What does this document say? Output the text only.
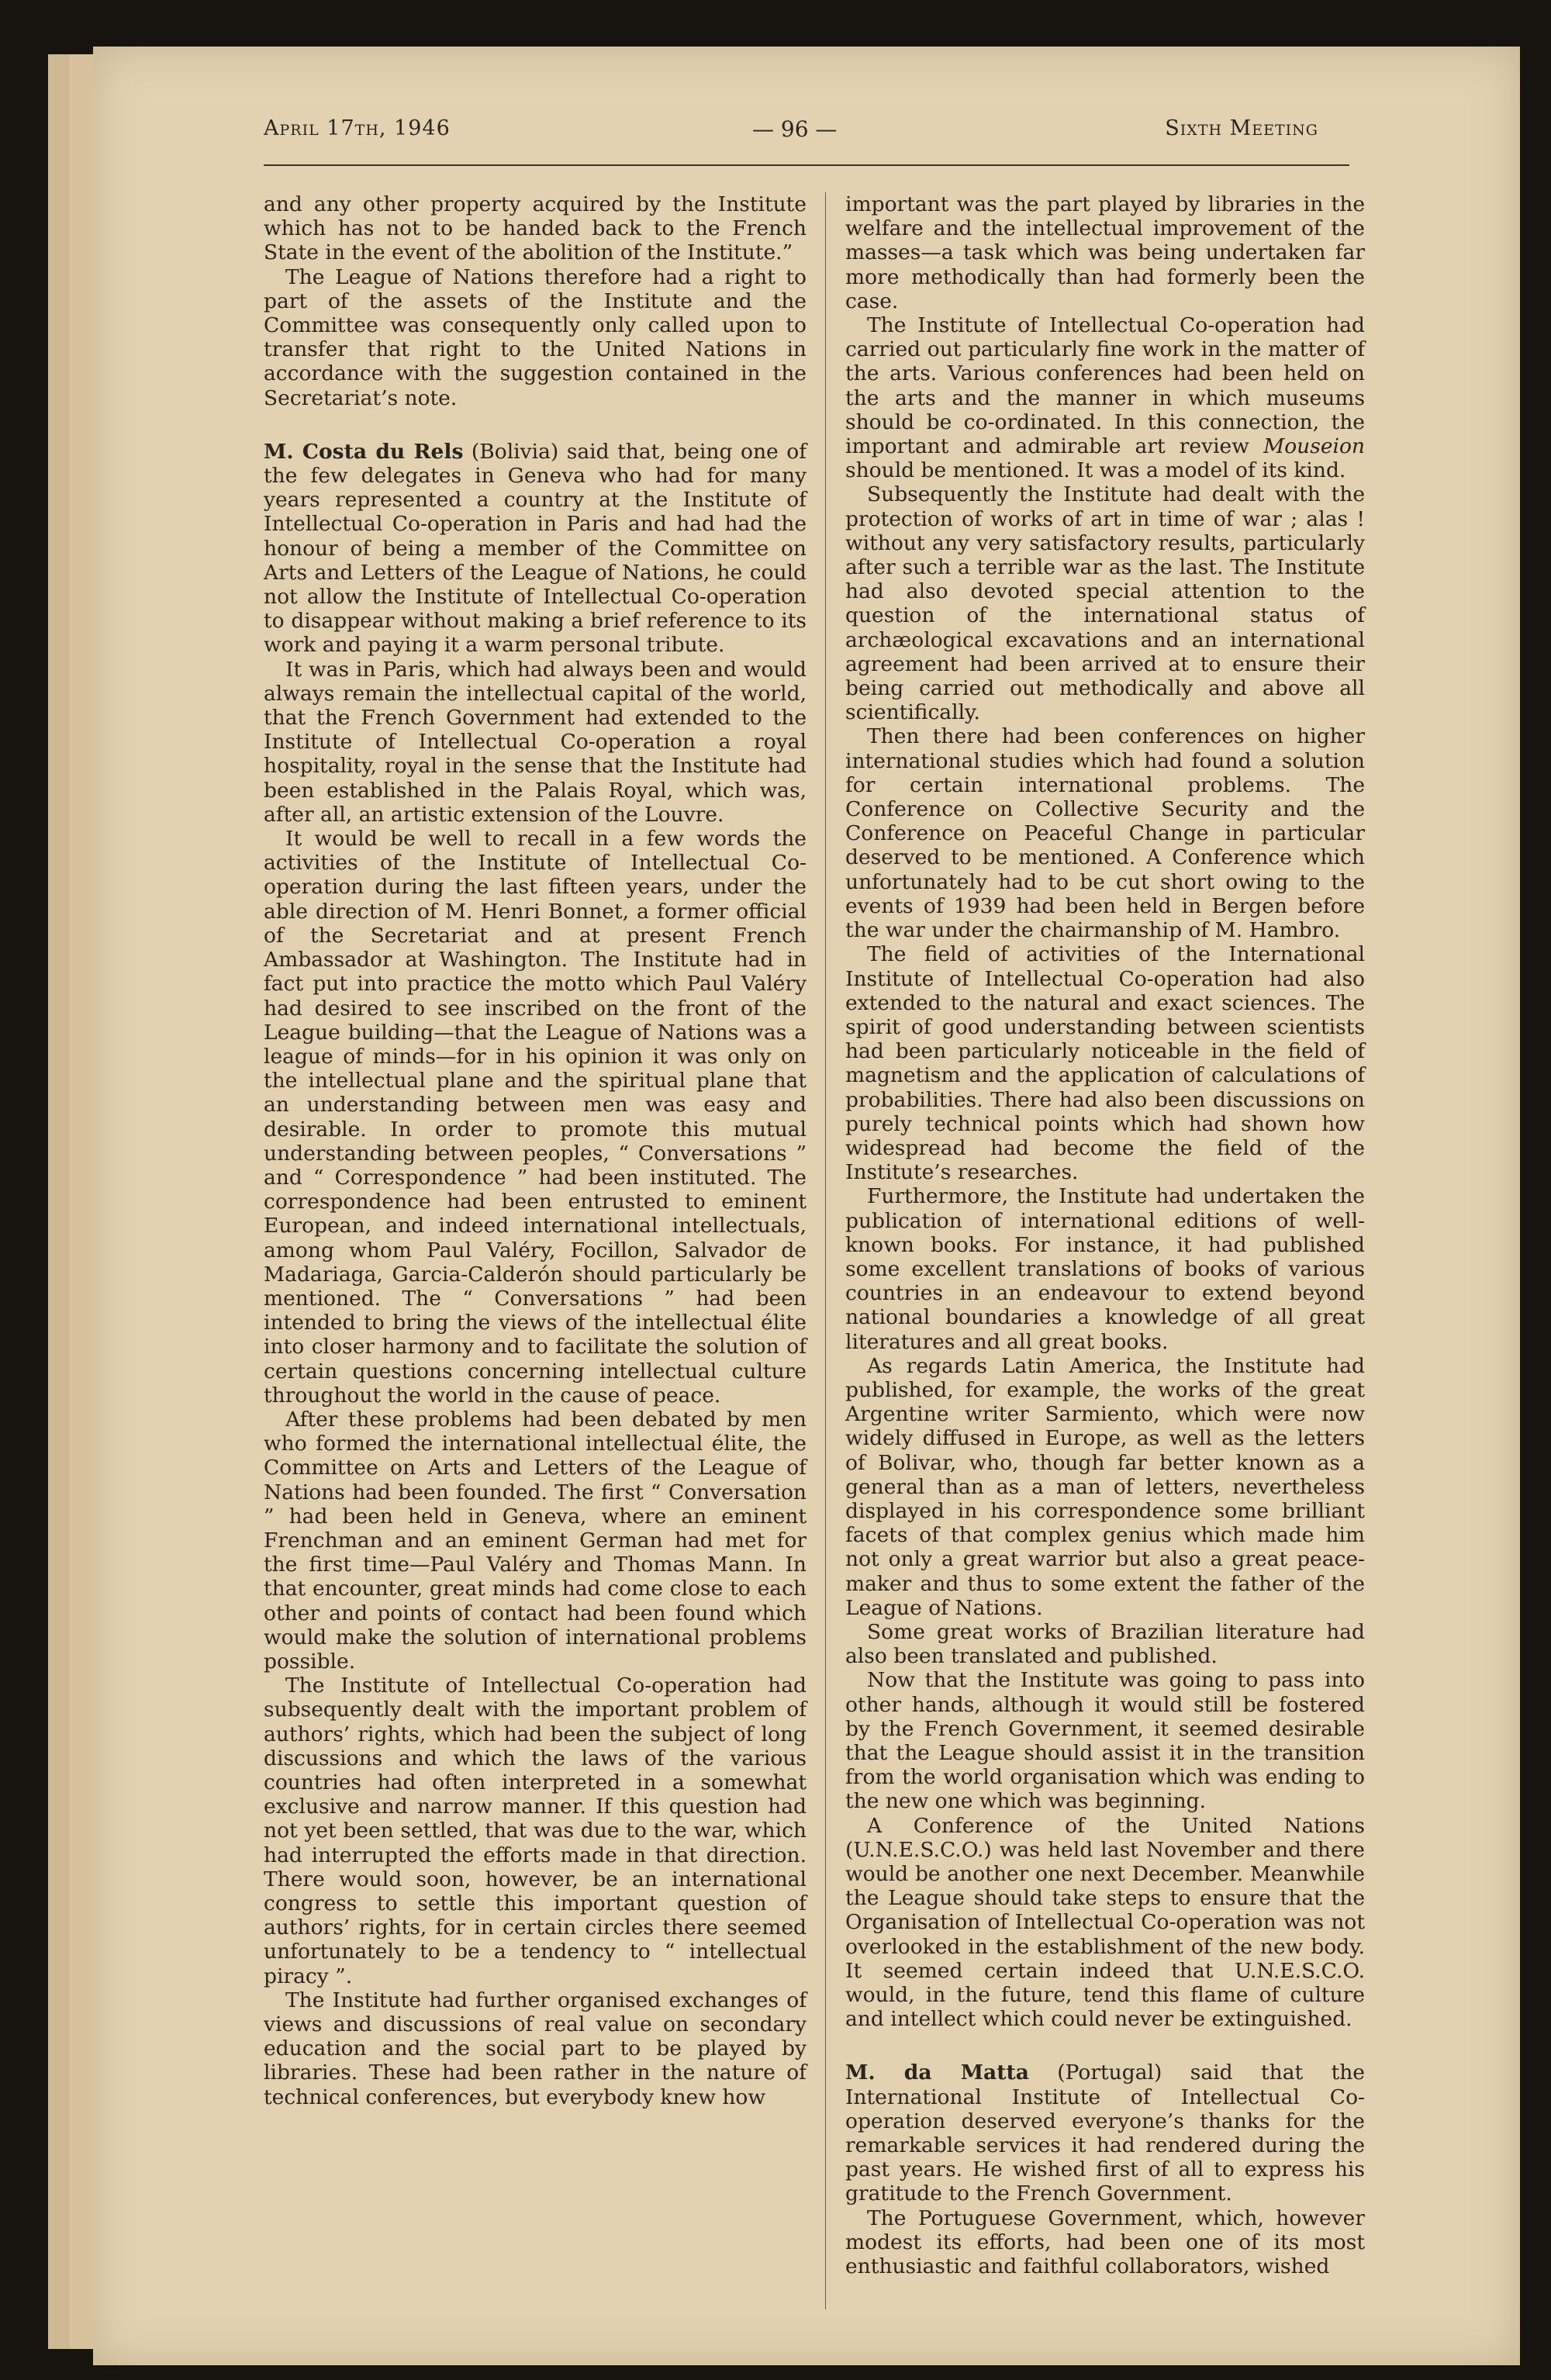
April 17th, 1946	— 96 —	Sixth Meeting

and any other property acquired by the Institute which has not to be handed back to the French State in the event of the abolition of the Institute.”

The League of Nations therefore had a right to part of the assets of the Institute and the Committee was consequently only called upon to transfer that right to the United Nations in accordance with the suggestion contained in the Secretariat’s note.

M. Costa du Rels (Bolivia) said that, being one of the few delegates in Geneva who had for many years represented a country at the Institute of Intellectual Co-operation in Paris and had had the honour of being a member of the Committee on Arts and Letters of the League of Nations, he could not allow the Institute of Intellectual Co-operation to disappear without making a brief reference to its work and paying it a warm personal tribute.

It was in Paris, which had always been and would always remain the intellectual capital of the world, that the French Government had extended to the Institute of Intellectual Co-operation a royal hospitality, royal in the sense that the Institute had been established in the Palais Royal, which was, after all, an artistic extension of the Louvre.

It would be well to recall in a few words the activities of the Institute of Intellectual Co-operation during the last fifteen years, under the able direction of M. Henri Bonnet, a former official of the Secretariat and at present French Ambassador at Washington. The Institute had in fact put into practice the motto which Paul Valéry had desired to see inscribed on the front of the League building—that the League of Nations was a league of minds—for in his opinion it was only on the intellectual plane and the spiritual plane that an understanding between men was easy and desirable. In order to promote this mutual understanding between peoples, “ Conversations ” and “ Correspondence ” had been instituted. The correspondence had been entrusted to eminent European, and indeed international intellectuals, among whom Paul Valéry, Focillon, Salvador de Madariaga, Garcia-Calderón should particularly be mentioned. The “ Conversations ” had been intended to bring the views of the intellectual élite into closer harmony and to facilitate the solution of certain questions concerning intellectual culture throughout the world in the cause of peace.

After these problems had been debated by men who formed the international intellectual élite, the Committee on Arts and Letters of the League of Nations had been founded. The first “ Conversation ” had been held in Geneva, where an eminent Frenchman and an eminent German had met for the first time—Paul Valéry and Thomas Mann. In that encounter, great minds had come close to each other and points of contact had been found which would make the solution of international problems possible.

The Institute of Intellectual Co-operation had subsequently dealt with the important problem of authors’ rights, which had been the subject of long discussions and which the laws of the various countries had often interpreted in a somewhat exclusive and narrow manner. If this question had not yet been settled, that was due to the war, which had interrupted the efforts made in that direction. There would soon, however, be an international congress to settle this important question of authors’ rights, for in certain circles there seemed unfortunately to be a tendency to “ intellectual piracy ”.

The Institute had further organised exchanges of views and discussions of real value on secondary education and the social part to be played by libraries. These had been rather in the nature of technical conferences, but everybody knew how

important was the part played by libraries in the welfare and the intellectual improvement of the masses—a task which was being undertaken far more methodically than had formerly been the case.

The Institute of Intellectual Co-operation had carried out particularly fine work in the matter of the arts. Various conferences had been held on the arts and the manner in which museums should be co-ordinated. In this connection, the important and admirable art review Mouseion should be mentioned. It was a model of its kind.

Subsequently the Institute had dealt with the protection of works of art in time of war ; alas ! without any very satisfactory results, particularly after such a terrible war as the last. The Institute had also devoted special attention to the question of the international status of archæological excavations and an international agreement had been arrived at to ensure their being carried out methodically and above all scientifically.

Then there had been conferences on higher international studies which had found a solution for certain international problems. The Conference on Collective Security and the Conference on Peaceful Change in particular deserved to be mentioned. A Conference which unfortunately had to be cut short owing to the events of 1939 had been held in Bergen before the war under the chairmanship of M. Hambro.

The field of activities of the International Institute of Intellectual Co-operation had also extended to the natural and exact sciences. The spirit of good understanding between scientists had been particularly noticeable in the field of magnetism and the application of calculations of probabilities. There had also been discussions on purely technical points which had shown how widespread had become the field of the Institute’s researches.

Furthermore, the Institute had undertaken the publication of international editions of well-known books. For instance, it had published some excellent translations of books of various countries in an endeavour to extend beyond national boundaries a knowledge of all great literatures and all great books.

As regards Latin America, the Institute had published, for example, the works of the great Argentine writer Sarmiento, which were now widely diffused in Europe, as well as the letters of Bolivar, who, though far better known as a general than as a man of letters, nevertheless displayed in his correspondence some brilliant facets of that complex genius which made him not only a great warrior but also a great peace-maker and thus to some extent the father of the League of Nations.

Some great works of Brazilian literature had also been translated and published.

Now that the Institute was going to pass into other hands, although it would still be fostered by the French Government, it seemed desirable that the League should assist it in the transition from the world organisation which was ending to the new one which was beginning.

A Conference of the United Nations (U.N.E.S.C.O.) was held last November and there would be another one next December. Meanwhile the League should take steps to ensure that the Organisation of Intellectual Co-operation was not overlooked in the establishment of the new body. It seemed certain indeed that U.N.E.S.C.O. would, in the future, tend this flame of culture and intellect which could never be extinguished.

M. da Matta (Portugal) said that the International Institute of Intellectual Co-operation deserved everyone’s thanks for the remarkable services it had rendered during the past years. He wished first of all to express his gratitude to the French Government.

The Portuguese Government, which, however modest its efforts, had been one of its most enthusiastic and faithful collaborators, wished
